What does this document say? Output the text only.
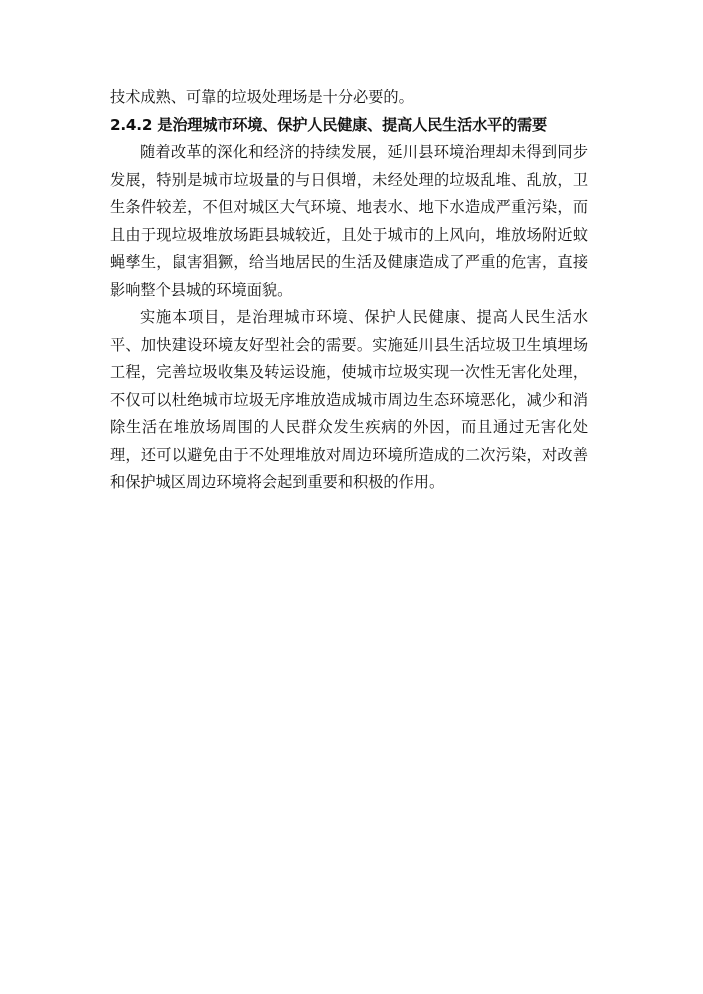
技术成熟、可靠的垃圾处理场是十分必要的。

2.4.2 是治理城市环境、保护人民健康、提高人民生活水平的需要

随着改革的深化和经济的持续发展，延川县环境治理却未得到同步发展，特别是城市垃圾量的与日俱增，未经处理的垃圾乱堆、乱放，卫生条件较差，不但对城区大气环境、地表水、地下水造成严重污染，而且由于现垃圾堆放场距县城较近，且处于城市的上风向，堆放场附近蚊蝇孳生，鼠害猖獗，给当地居民的生活及健康造成了严重的危害，直接影响整个县城的环境面貌。

实施本项目，是治理城市环境、保护人民健康、提高人民生活水平、加快建设环境友好型社会的需要。实施延川县生活垃圾卫生填埋场工程，完善垃圾收集及转运设施，使城市垃圾实现一次性无害化处理，不仅可以杜绝城市垃圾无序堆放造成城市周边生态环境恶化，减少和消除生活在堆放场周围的人民群众发生疾病的外因，而且通过无害化处理，还可以避免由于不处理堆放对周边环境所造成的二次污染，对改善和保护城区周边环境将会起到重要和积极的作用。
